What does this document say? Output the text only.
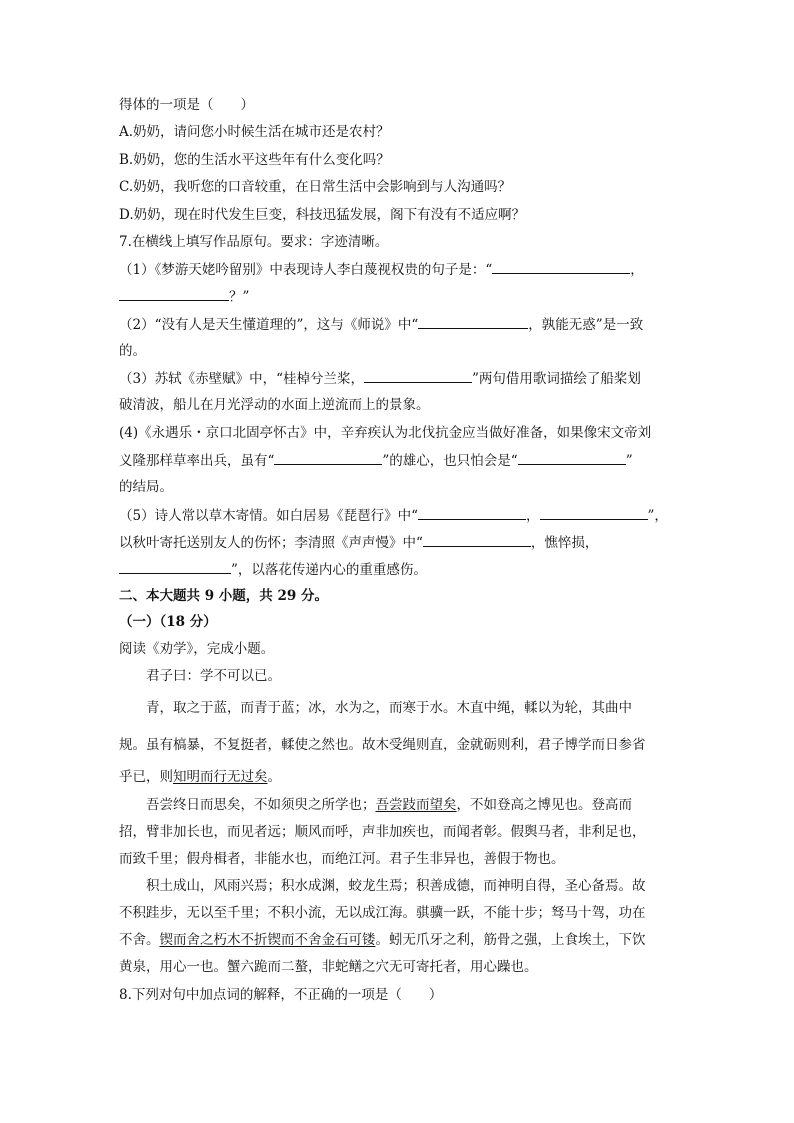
得体的一项是（　　）

A.奶奶，请问您小时候生活在城市还是农村？

B.奶奶，您的生活水平这些年有什么变化吗？

C.奶奶，我听您的口音较重，在日常生活中会影响到与人沟通吗？

D.奶奶，现在时代发生巨变，科技迅猛发展，阁下有没有不适应啊？

7.在横线上填写作品原句。要求：字迹清晰。

（1）《梦游天姥吟留别》中表现诗人李白蔑视权贵的句子是：“	，

？”

（2）“没有人是天生懂道理的”，这与《师说》中“	，孰能无惑”是一致

的。

（3）苏轼《赤壁赋》中，“桂棹兮兰桨，	”两句借用歌词描绘了船桨划

破清波，船儿在月光浮动的水面上逆流而上的景象。

(4)《永遇乐・京口北固亭怀古》中，辛弃疾认为北伐抗金应当做好准备，如果像宋文帝刘

义隆那样草率出兵，虽有“	”的雄心，也只怕会是“	”

的结局。

（5）诗人常以草木寄情。如白居易《琵琶行》中“	，	”，

以秋叶寄托送别友人的伤怀；李清照《声声慢》中“	，憔悴损，

”，以落花传递内心的重重感伤。

二、本大题共 9 小题，共 29 分。

（一）（18 分）

阅读《劝学》，完成小题。

君子曰：学不可以已。

青，取之于蓝，而青于蓝；冰，水为之，而寒于水。木直中绳，輮以为轮，其曲中

规。虽有槁暴，不复挺者，輮使之然也。故木受绳则直，金就砺则利，君子博学而日参省

乎已，则知明而行无过矣。

吾尝终日而思矣，不如须臾之所学也；吾尝跂而望矣，不如登高之博见也。登高而

招，臂非加长也，而见者远；顺风而呼，声非加疾也，而闻者彰。假舆马者，非利足也，

而致千里；假舟楫者，非能水也，而绝江河。君子生非异也，善假于物也。

积土成山，风雨兴焉；积水成渊，蛟龙生焉；积善成德，而神明自得，圣心备焉。故

不积跬步，无以至千里；不积小流，无以成江海。骐骥一跃，不能十步；驽马十驾，功在

不舍。锲而舍之朽木不折锲而不舍金石可镂。蚓无爪牙之利，筋骨之强，上食埃土，下饮

黄泉，用心一也。蟹六跪而二螯，非蛇鳝之穴无可寄托者，用心躁也。

8.下列对句中加点词的解释，不正确的一项是（　　）
